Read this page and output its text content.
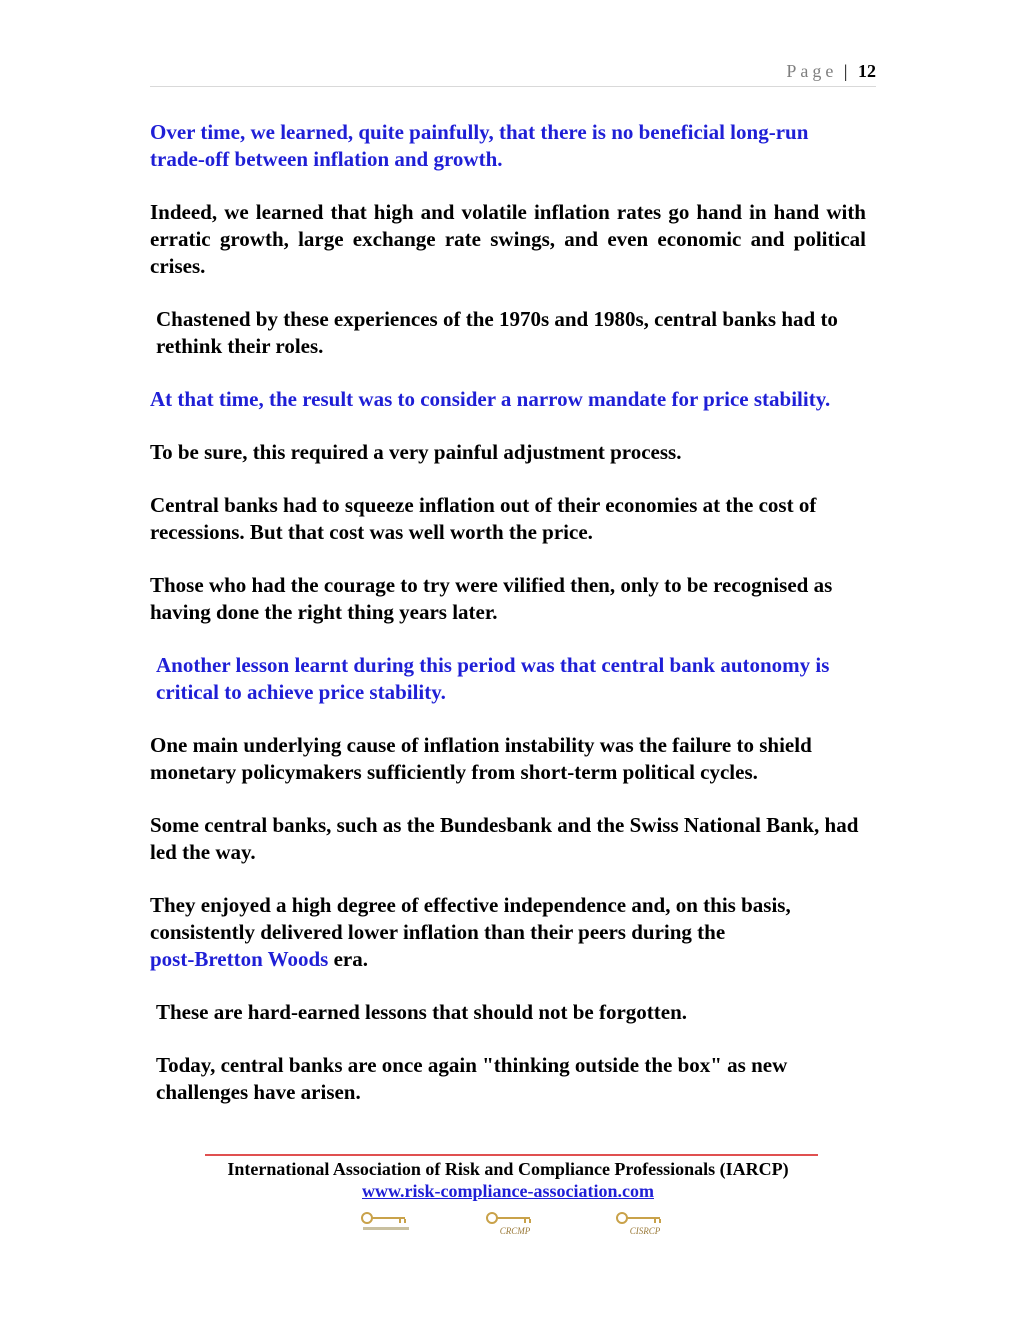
Page | 12

Over time, we learned, quite painfully, that there is no beneficial long-run trade-off between inflation and growth.

Indeed, we learned that high and volatile inflation rates go hand in hand with erratic growth, large exchange rate swings, and even economic and political crises.

Chastened by these experiences of the 1970s and 1980s, central banks had to rethink their roles.

At that time, the result was to consider a narrow mandate for price stability.

To be sure, this required a very painful adjustment process.

Central banks had to squeeze inflation out of their economies at the cost of recessions. But that cost was well worth the price.

Those who had the courage to try were vilified then, only to be recognised as having done the right thing years later.

Another lesson learnt during this period was that central bank autonomy is critical to achieve price stability.

One main underlying cause of inflation instability was the failure to shield monetary policymakers sufficiently from short-term political cycles.

Some central banks, such as the Bundesbank and the Swiss National Bank, had led the way.

They enjoyed a high degree of effective independence and, on this basis, consistently delivered lower inflation than their peers during the
post-Bretton Woods era.

These are hard-earned lessons that should not be forgotten.

Today, central banks are once again "thinking outside the box" as new challenges have arisen.

International Association of Risk and Compliance Professionals (IARCP)
www.risk-compliance-association.com
CRCMP	CISRCP
